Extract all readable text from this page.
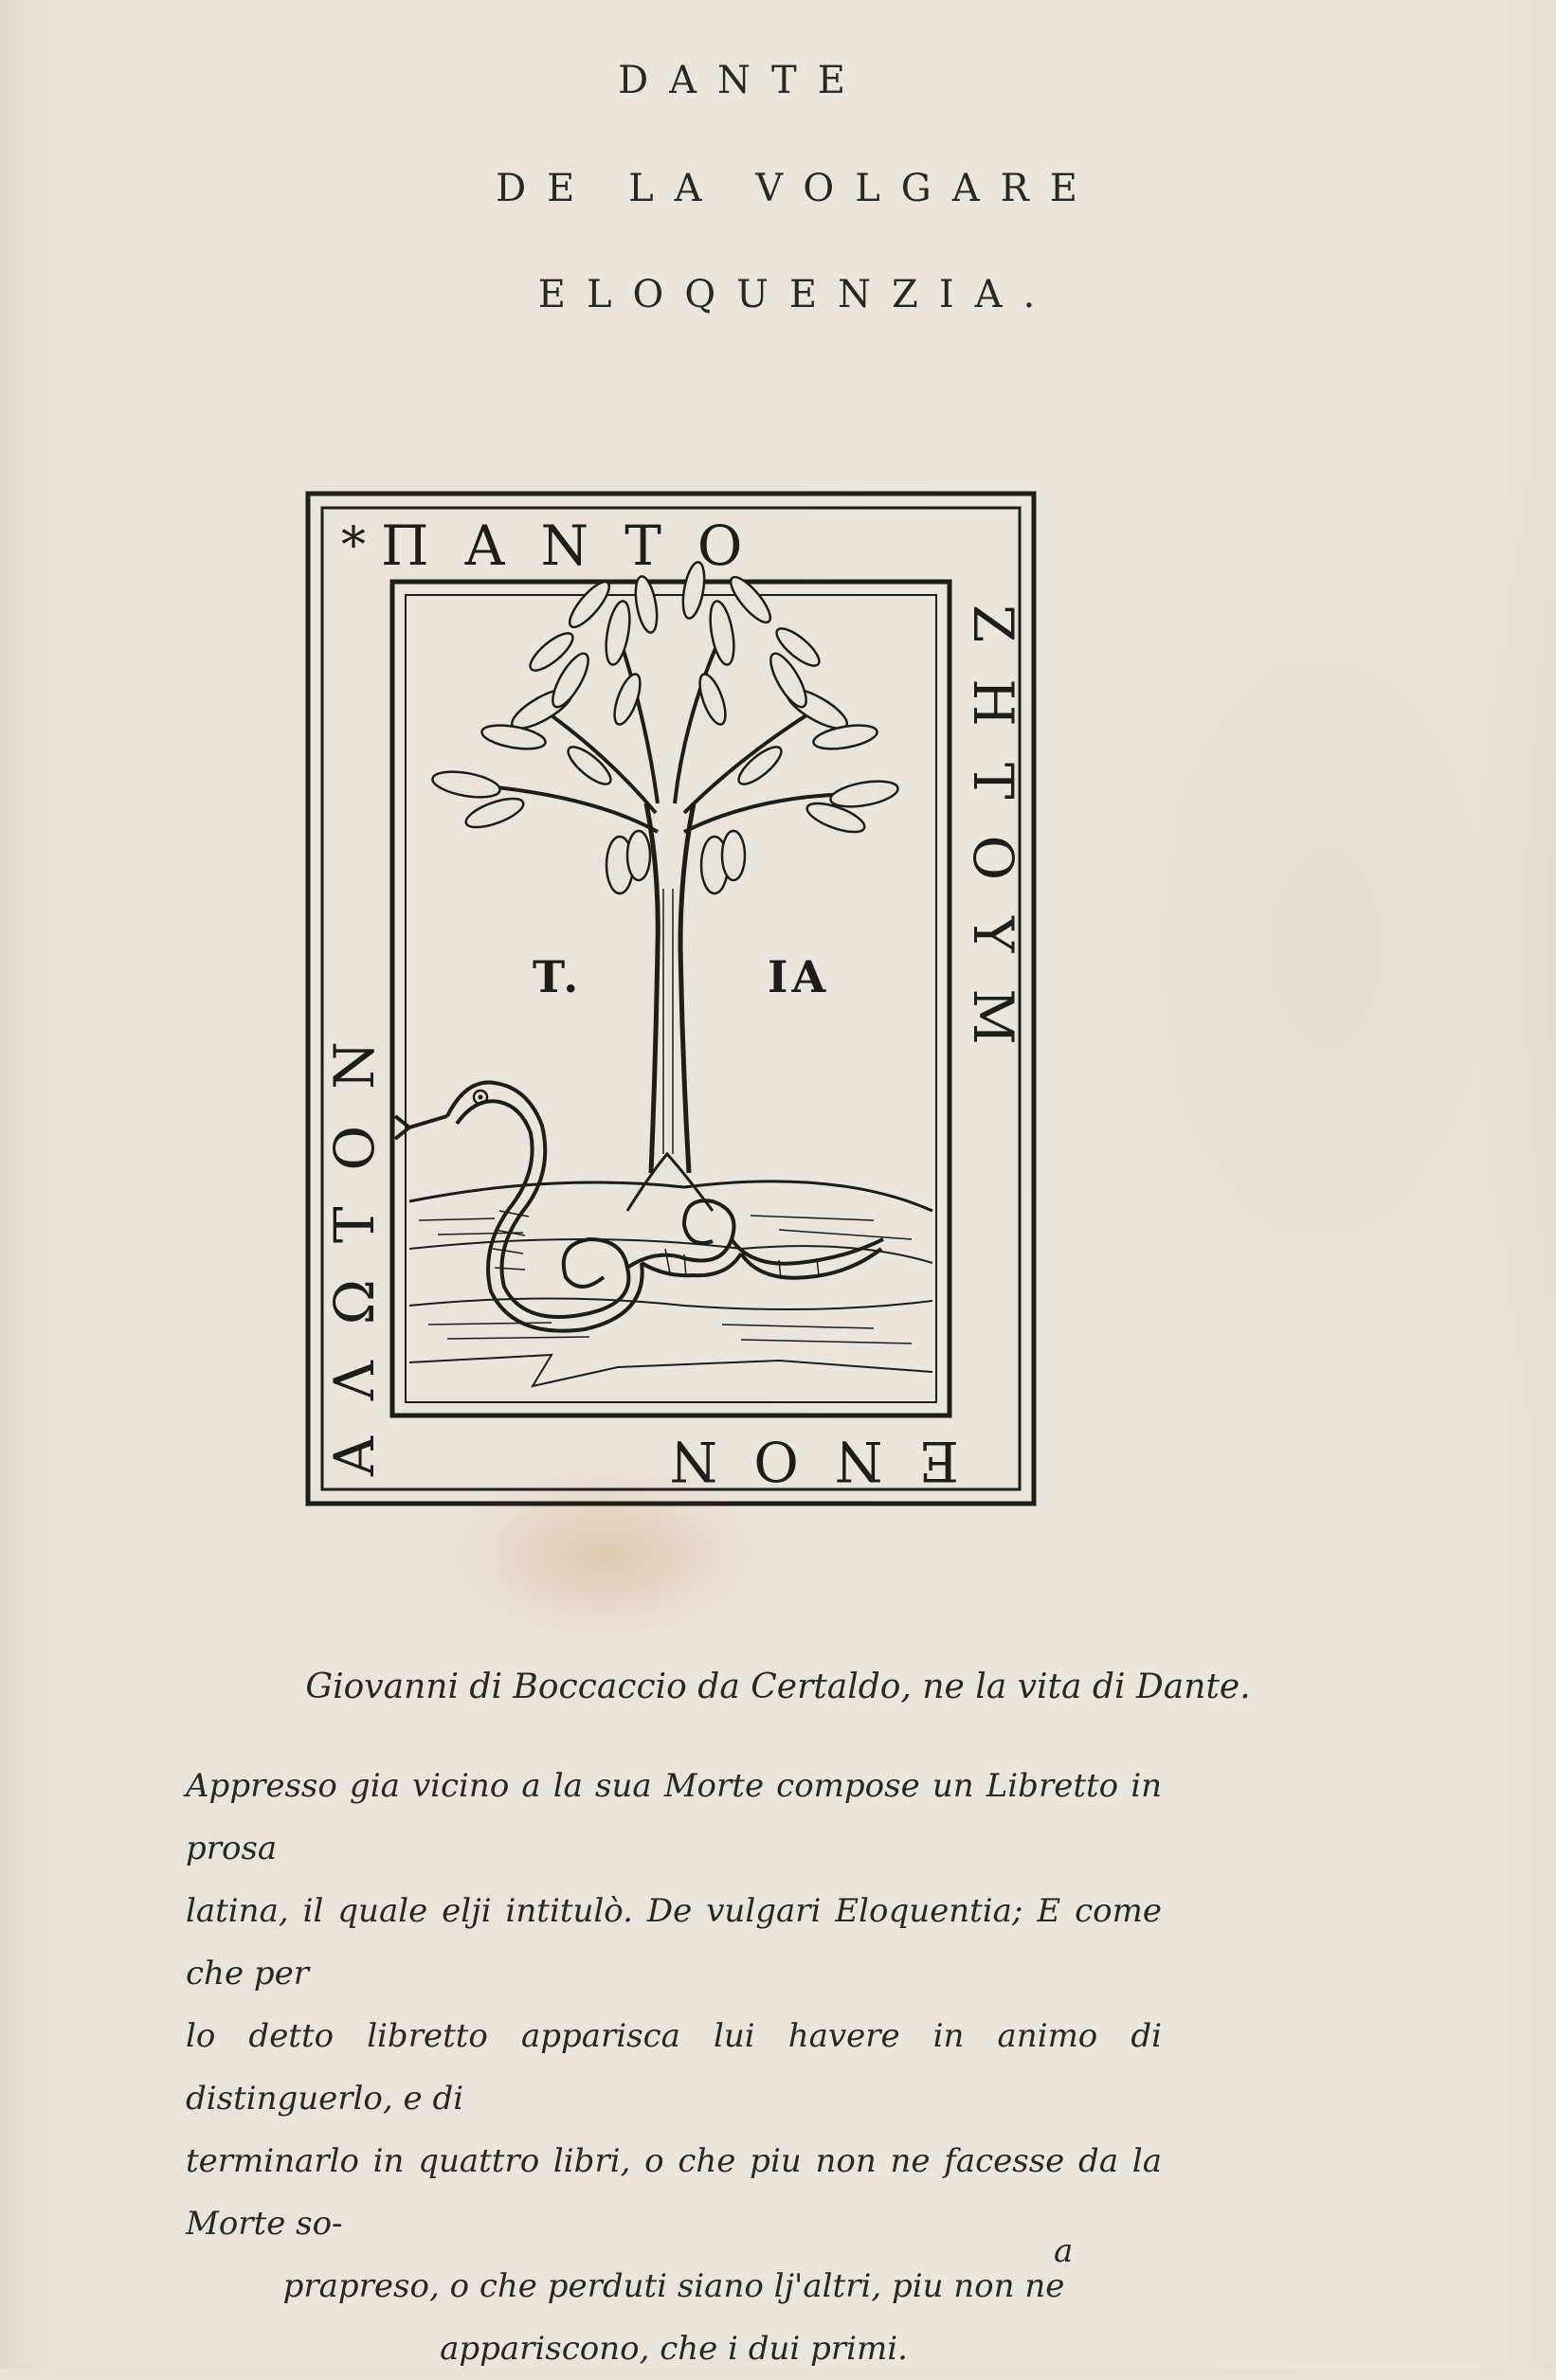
DANTE
DE LA VOLGARE
ELOQUENZIA.
* ΠΑΝΤΟ
ΖΗΤΟΥΜ
ΕΝΟΝ
ΑΛΩΤΟΝ
T.	IA
Giovanni di Boccaccio da Certaldo, ne la vita di Dante.
Appresso gia vicino a la sua Morte compose un Libretto in prosa
latina, il quale elji intitulò. De vulgari Eloquentia; E come che per
lo detto libretto apparisca lui havere in animo di distinguerlo, e di
terminarlo in quattro libri, o che piu non ne facesse da la Morte so-
prapreso, o che perduti siano lj'altri, piu non ne
appariscono, che i dui primi.
a
